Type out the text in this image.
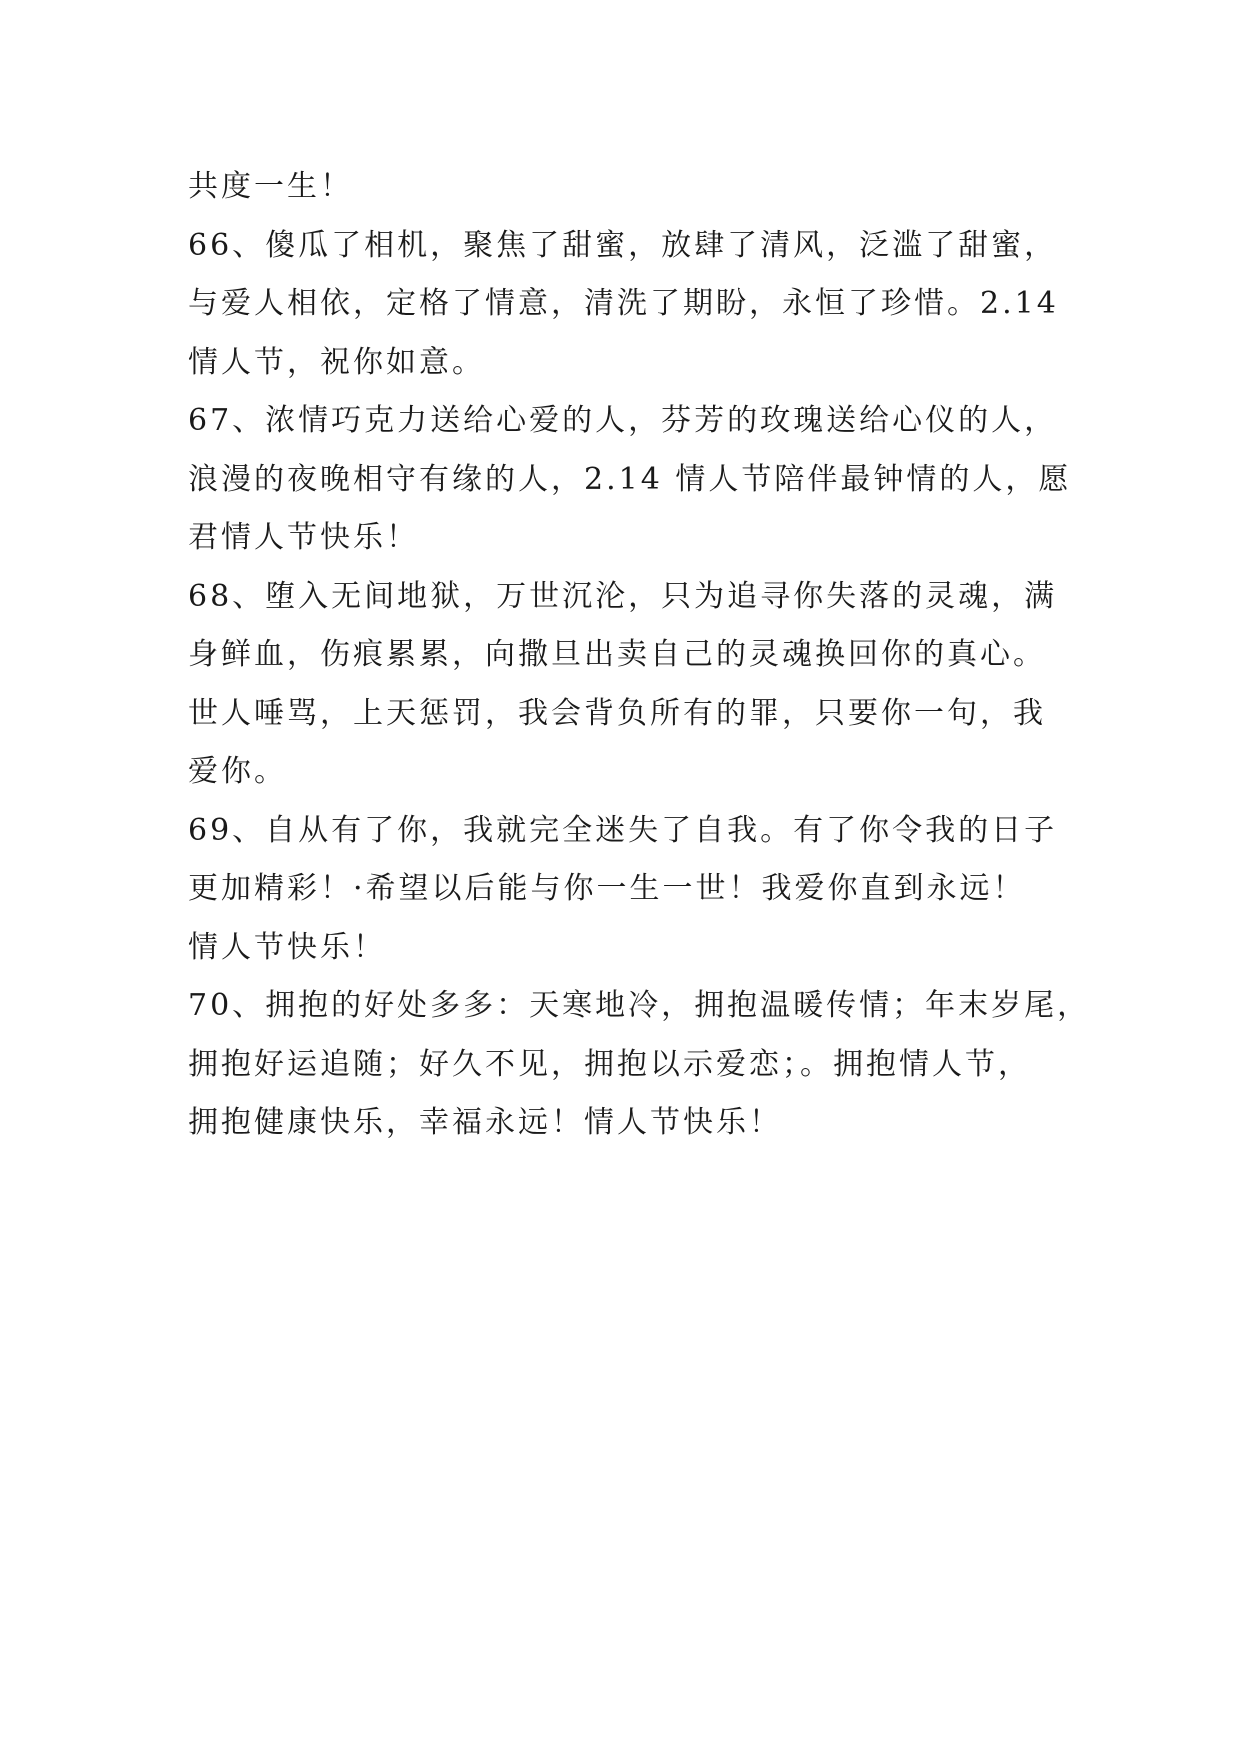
共度一生！
66、傻瓜了相机，聚焦了甜蜜，放肆了清风，泛滥了甜蜜，
与爱人相依，定格了情意，清洗了期盼，永恒了珍惜。2.14
情人节，祝你如意。
67、浓情巧克力送给心爱的人，芬芳的玫瑰送给心仪的人，
浪漫的夜晚相守有缘的人，2.14 情人节陪伴最钟情的人，愿
君情人节快乐！
68、堕入无间地狱，万世沉沦，只为追寻你失落的灵魂，满
身鲜血，伤痕累累，向撒旦出卖自己的灵魂换回你的真心。
世人唾骂，上天惩罚，我会背负所有的罪，只要你一句，我
爱你。
69、自从有了你，我就完全迷失了自我。有了你令我的日子
更加精彩！·希望以后能与你一生一世！我爱你直到永远！
情人节快乐！
70、拥抱的好处多多：天寒地冷，拥抱温暖传情；年末岁尾，
拥抱好运追随；好久不见，拥抱以示爱恋；。拥抱情人节，
拥抱健康快乐，幸福永远！情人节快乐！
